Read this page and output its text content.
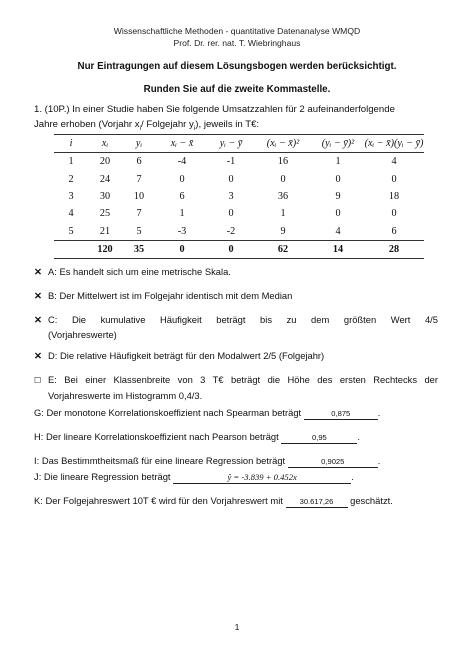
Wissenschaftliche Methoden - quantitative Datenanalyse WMQD
Prof. Dr. rer. nat. T. Wiebringhaus
Nur Eintragungen auf diesem Lösungsbogen werden berücksichtigt.
Runden Sie auf die zweite Kommastelle.
1. (10P.) In einer Studie haben Sie folgende Umsatzzahlen für 2 aufeinanderfolgende
Jahre erhoben (Vorjahr $x_i/$ Folgejahr $y_i$), jeweils in T€:
i	xᵢ	yᵢ	xᵢ − x̄	yᵢ − ȳ	(xᵢ − x̄)²	(yᵢ − ȳ)²	(xᵢ − x̄)(yᵢ − ȳ)
1	20	6	-4	-1	16	1	4
2	24	7	0	0	0	0	0
3	30	10	6	3	36	9	18
4	25	7	1	0	1	0	0
5	21	5	-3	-2	9	4	6
	120	35	0	0	62	14	28
✕ A: Es handelt sich um eine metrische Skala.
✕ B: Der Mittelwert ist im Folgejahr identisch mit dem Median
✕ C: Die kumulative Häufigkeit beträgt bis zu dem größten Wert 4/5
(Vorjahreswerte)
✕ D: Die relative Häufigkeit beträgt für den Modalwert 2/5 (Folgejahr)
☐ E: Bei einer Klassenbreite von 3 T€ beträgt die Höhe des ersten Rechtecks der
Vorjahreswerte im Histogramm 0,4/3.
G: Der monotone Korrelationskoeffizient nach Spearman beträgt	0,875	.
H: Der lineare Korrelationskoeffizient nach Pearson beträgt	0,95	.
I: Das Bestimmtheitsmaß für eine lineare Regression beträgt	0,9025	.
J: Die lineare Regression beträgt	ŷ = -3.839 + 0.452x	.
K: Der Folgejahreswert 10T € wird für den Vorjahreswert mit 30.617,26 geschätzt.
1
